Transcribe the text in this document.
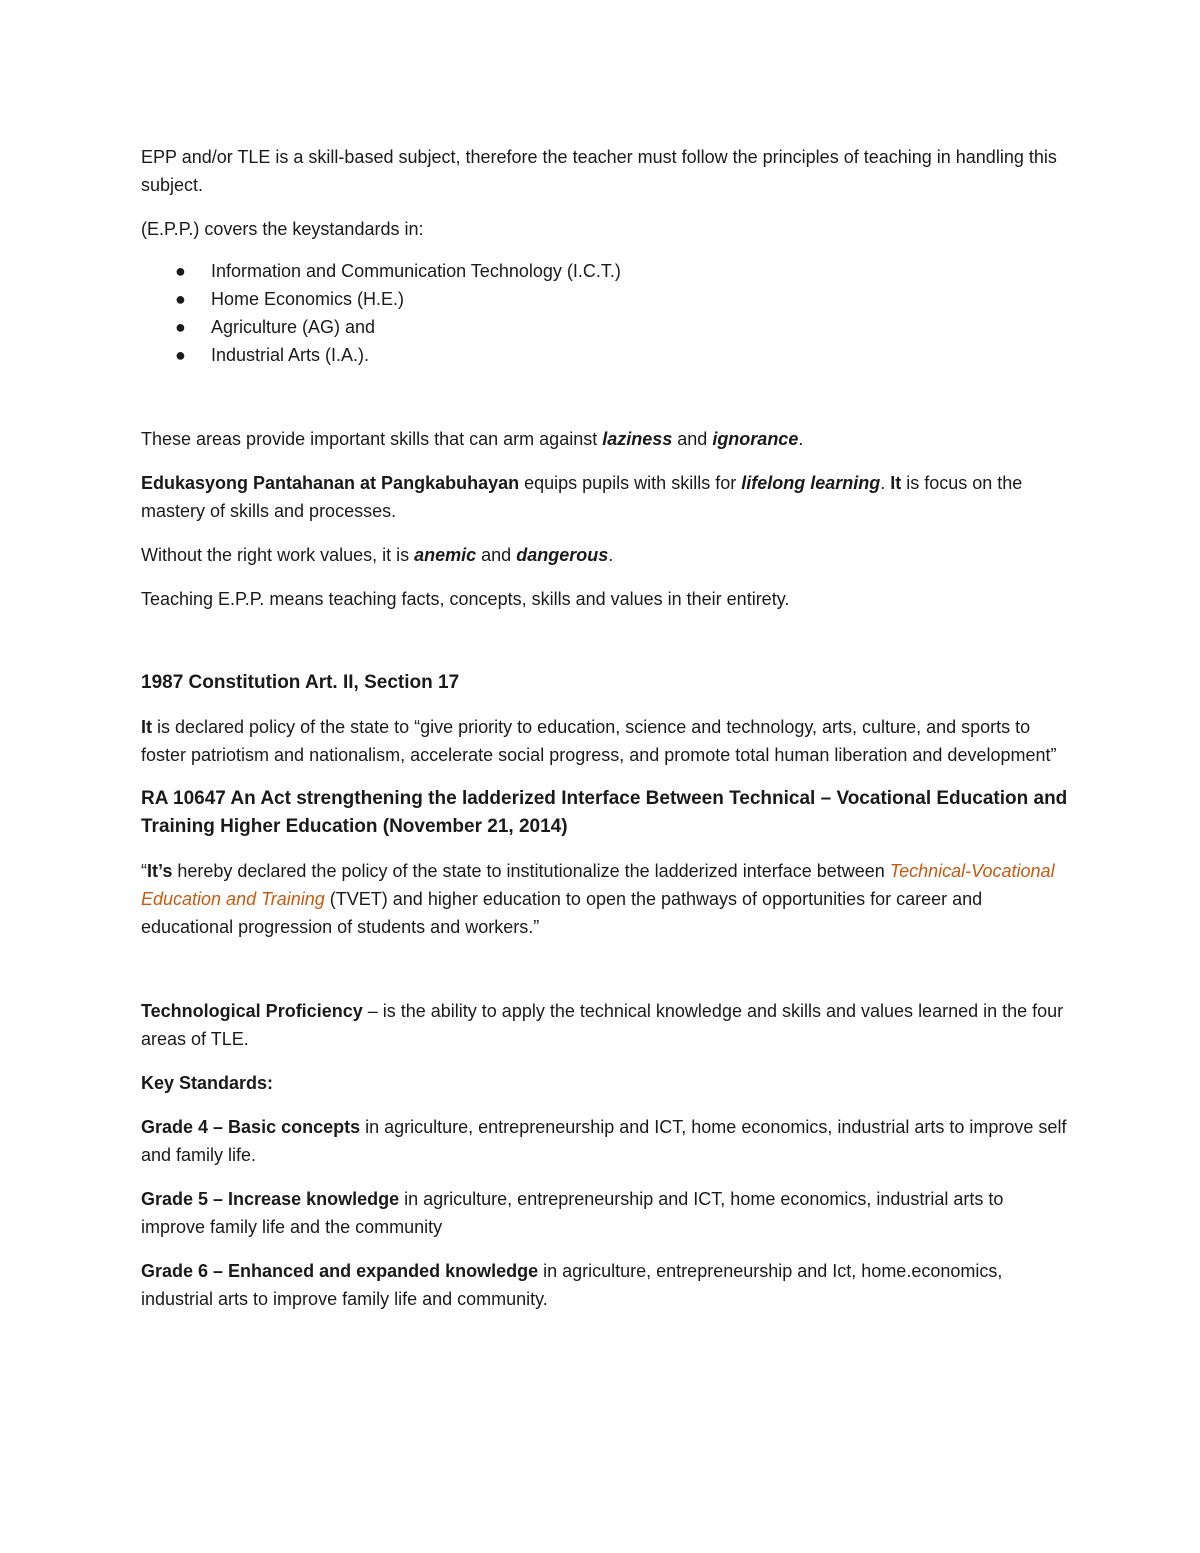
EPP and/or TLE is a skill-based subject, therefore the teacher must follow the principles of teaching in handling this subject.

(E.P.P.) covers the keystandards in:

● Information and Communication Technology (I.C.T.)
● Home Economics (H.E.)
● Agriculture (AG) and
● Industrial Arts (I.A.).

These areas provide important skills that can arm against laziness and ignorance.

Edukasyong Pantahanan at Pangkabuhayan equips pupils with skills for lifelong learning. It is focus on the mastery of skills and processes.

Without the right work values, it is anemic and dangerous.

Teaching E.P.P. means teaching facts, concepts, skills and values in their entirety.

1987 Constitution Art. II, Section 17

It is declared policy of the state to “give priority to education, science and technology, arts, culture, and sports to foster patriotism and nationalism, accelerate social progress, and promote total human liberation and development”

RA 10647 An Act strengthening the ladderized Interface Between Technical – Vocational Education and Training Higher Education (November 21, 2014)

“It’s hereby declared the policy of the state to institutionalize the ladderized interface between Technical-Vocational Education and Training (TVET) and higher education to open the pathways of opportunities for career and educational progression of students and workers.”

Technological Proficiency – is the ability to apply the technical knowledge and skills and values learned in the four areas of TLE.

Key Standards:

Grade 4 – Basic concepts in agriculture, entrepreneurship and ICT, home economics, industrial arts to improve self and family life.

Grade 5 – Increase knowledge in agriculture, entrepreneurship and ICT, home economics, industrial arts to improve family life and the community

Grade 6 – Enhanced and expanded knowledge in agriculture, entrepreneurship and Ict, home.economics, industrial arts to improve family life and community.
